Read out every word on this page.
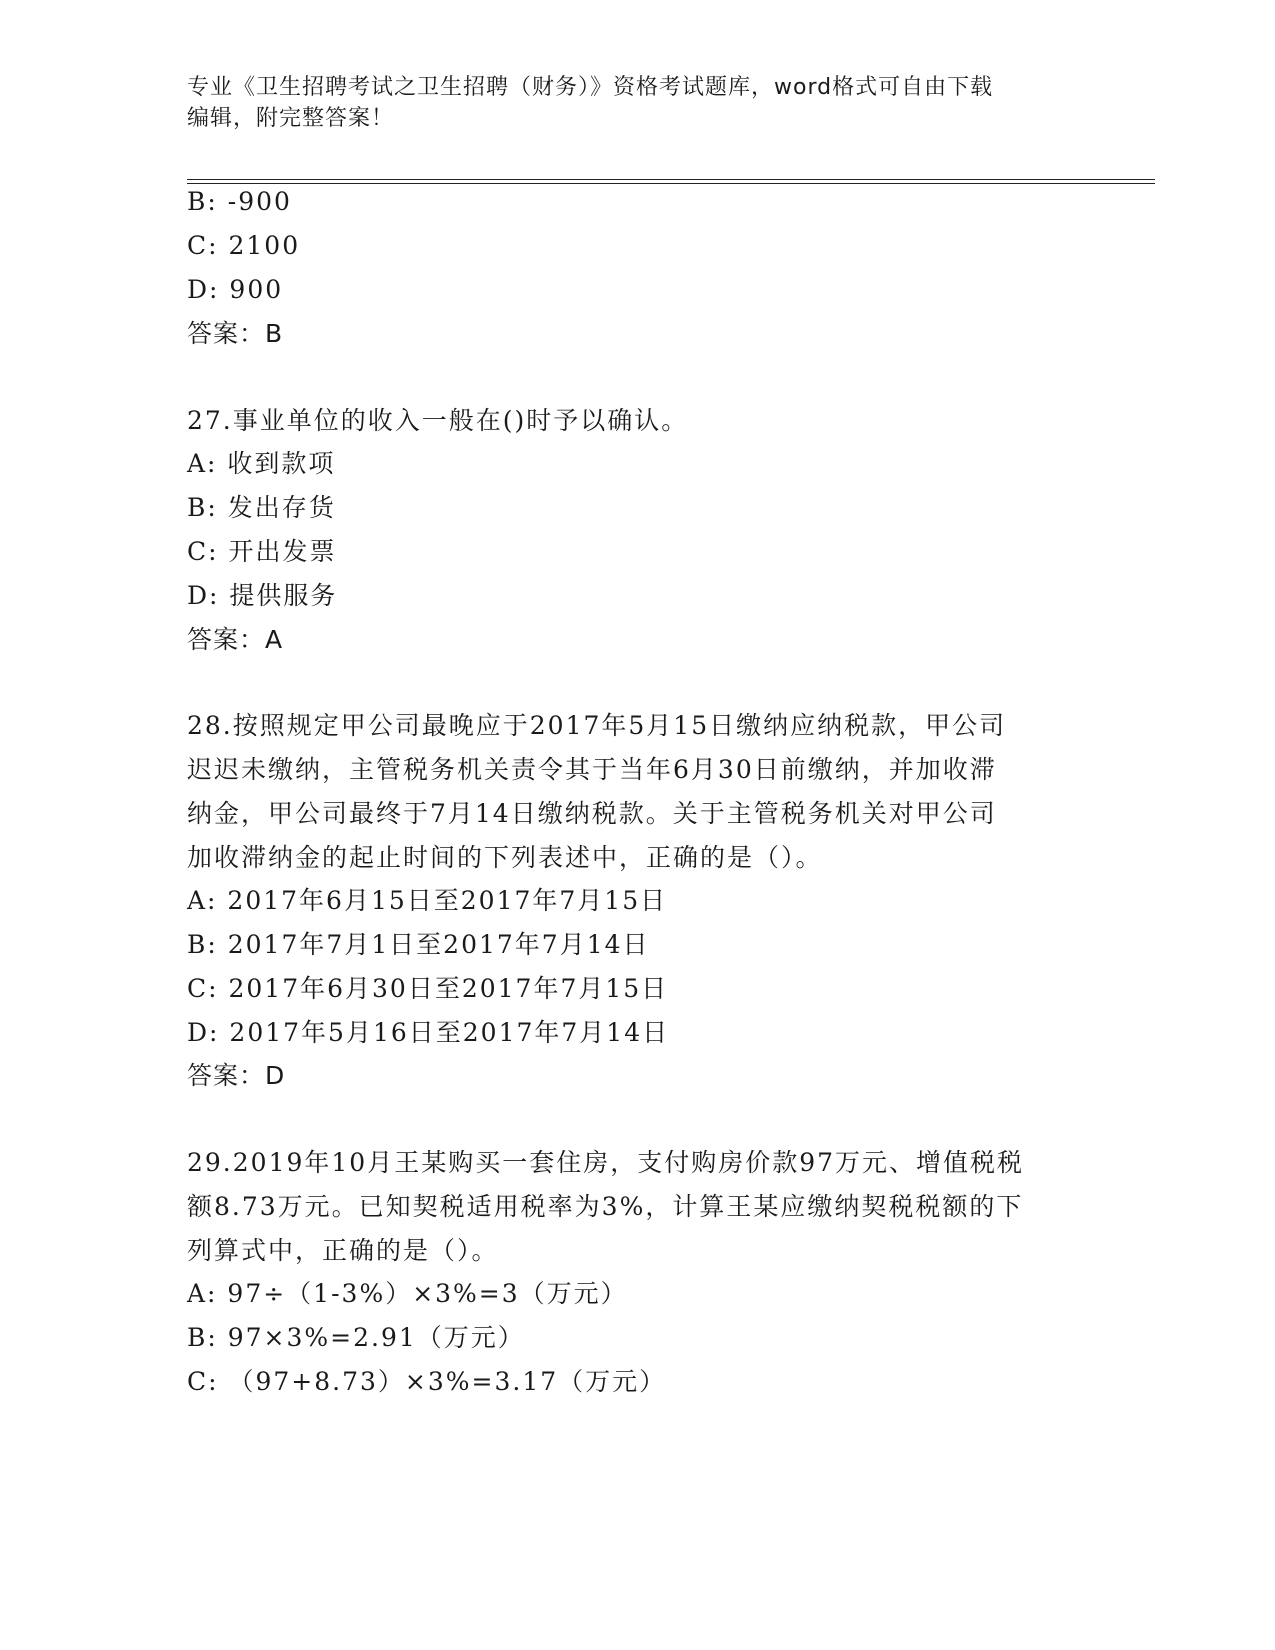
专业《卫生招聘考试之卫生招聘（财务）》资格考试题库，word格式可自由下载
编辑，附完整答案！
B: -900
C: 2100
D: 900
答案：B
27.事业单位的收入一般在()时予以确认。
A: 收到款项
B: 发出存货
C: 开出发票
D: 提供服务
答案：A
28.按照规定甲公司最晚应于2017年5月15日缴纳应纳税款，甲公司
迟迟未缴纳，主管税务机关责令其于当年6月30日前缴纳，并加收滞
纳金，甲公司最终于7月14日缴纳税款。关于主管税务机关对甲公司
加收滞纳金的起止时间的下列表述中，正确的是（）。
A: 2017年6月15日至2017年7月15日
B: 2017年7月1日至2017年7月14日
C: 2017年6月30日至2017年7月15日
D: 2017年5月16日至2017年7月14日
答案：D
29.2019年10月王某购买一套住房，支付购房价款97万元、增值税税
额8.73万元。已知契税适用税率为3%，计算王某应缴纳契税税额的下
列算式中，正确的是（）。
A: 97÷（1-3%）×3%=3（万元）
B: 97×3%=2.91（万元）
C: （97+8.73）×3%=3.17（万元）
